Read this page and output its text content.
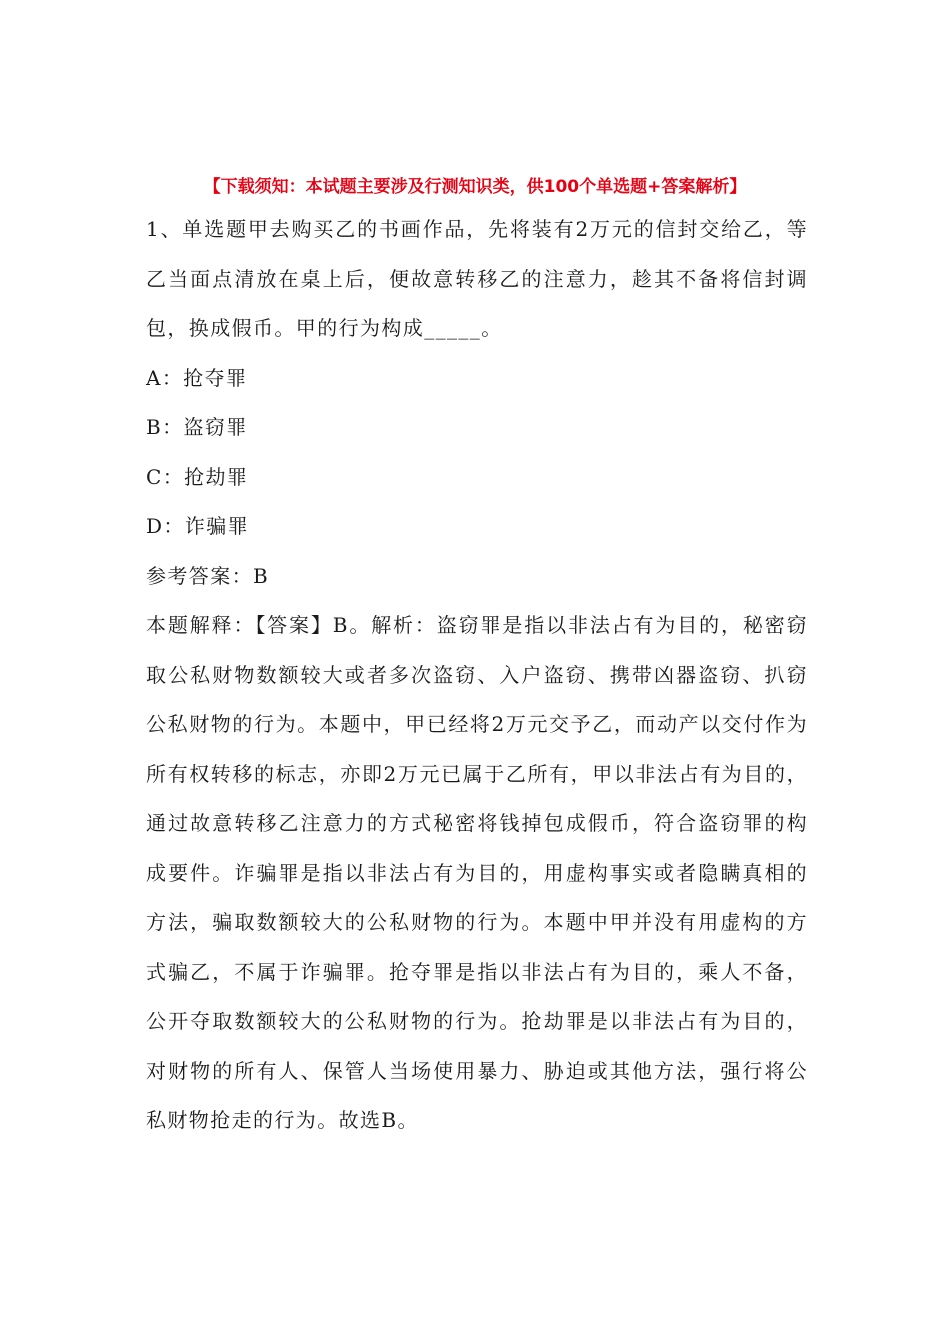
【下载须知：本试题主要涉及行测知识类，供100个单选题+答案解析】

1、单选题甲去购买乙的书画作品，先将装有2万元的信封交给乙，等乙当面点清放在桌上后，便故意转移乙的注意力，趁其不备将信封调包，换成假币。甲的行为构成_____。

A：抢夺罪

B：盗窃罪

C：抢劫罪

D：诈骗罪

参考答案：B

本题解释：【答案】B。解析：盗窃罪是指以非法占有为目的，秘密窃取公私财物数额较大或者多次盗窃、入户盗窃、携带凶器盗窃、扒窃公私财物的行为。本题中，甲已经将2万元交予乙，而动产以交付作为所有权转移的标志，亦即2万元已属于乙所有，甲以非法占有为目的，通过故意转移乙注意力的方式秘密将钱掉包成假币，符合盗窃罪的构成要件。诈骗罪是指以非法占有为目的，用虚构事实或者隐瞒真相的方法，骗取数额较大的公私财物的行为。本题中甲并没有用虚构的方式骗乙，不属于诈骗罪。抢夺罪是指以非法占有为目的，乘人不备，公开夺取数额较大的公私财物的行为。抢劫罪是以非法占有为目的，对财物的所有人、保管人当场使用暴力、胁迫或其他方法，强行将公私财物抢走的行为。故选B。
